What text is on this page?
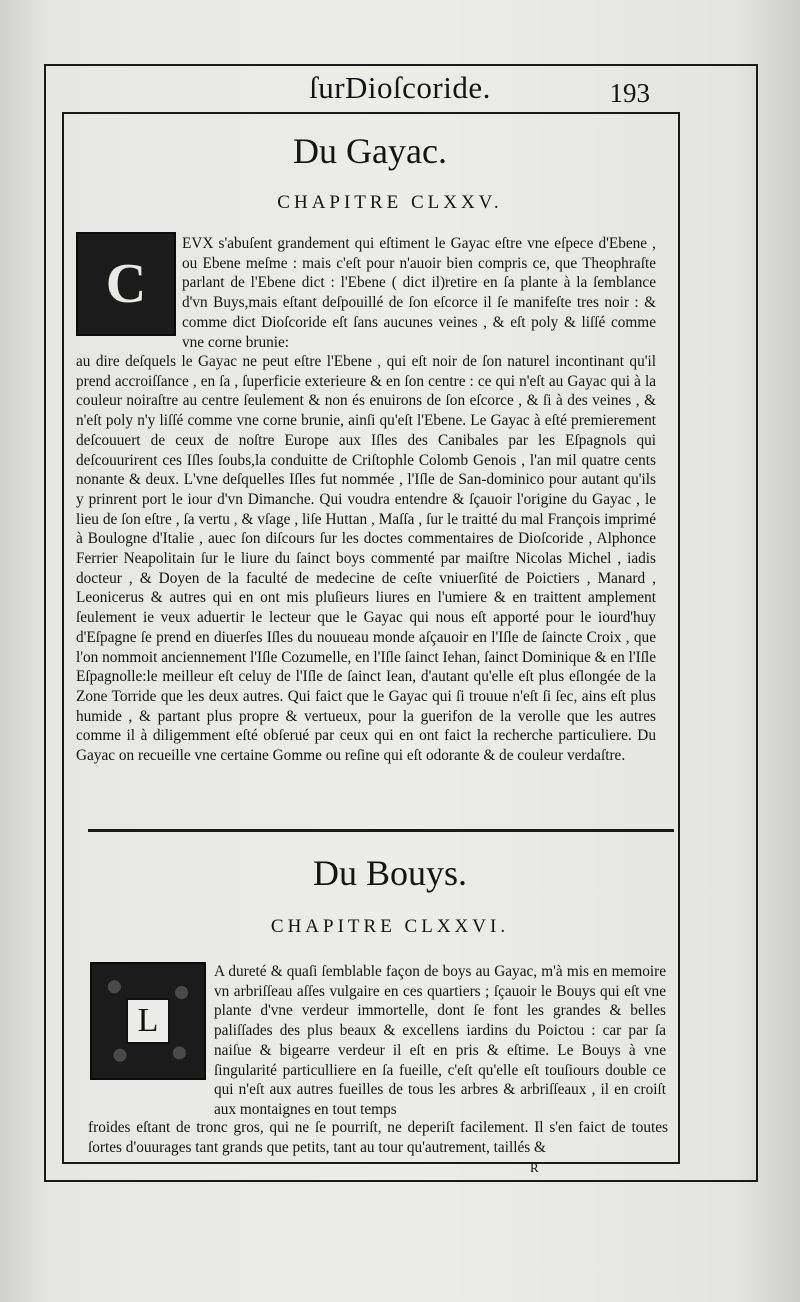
ſurDioſcoride.	193
Du Gayac.
CHAPITRE CLXXV.
C
EVX s'abuſent grandement qui eſtiment le Gayac eſtre vne eſpece d'Ebene , ou Ebene meſme : mais c'eſt pour n'auoir bien compris ce, que Theophraſte parlant de l'Ebene dict : l'Ebene ( dict il)retire en ſa plante à la ſemblance d'vn Buys,mais eſtant deſpouillé de ſon eſcorce il ſe manifeſte tres noir : & comme dict Dioſcoride eſt ſans aucunes veines , & eſt poly & liſſé comme vne corne brunie:
au dire deſquels le Gayac ne peut eſtre l'Ebene , qui eſt noir de ſon naturel incontinant qu'il prend accroiſſance , en ſa , ſuperficie exterieure & en ſon centre : ce qui n'eſt au Gayac qui à la couleur noiraſtre au centre ſeulement & non és enuirons de ſon eſcorce , & ſi à des veines , & n'eſt poly n'y liſſé comme vne corne brunie, ainſi qu'eſt l'Ebene. Le Gayac à eſté premierement deſcouuert de ceux de noſtre Europe aux Iſles des Canibales par les Eſpagnols qui deſcouurirent ces Iſles ſoubs,la conduitte de Criſtophle Colomb Genois , l'an mil quatre cents nonante & deux. L'vne deſquelles Iſles fut nommée , l'Iſle de San-dominico pour autant qu'ils y prinrent port le iour d'vn Dimanche. Qui voudra entendre & ſçauoir l'origine du Gayac , le lieu de ſon eſtre , ſa vertu , & vſage , liſe Huttan , Maſſa , ſur le traitté du mal François imprimé à Boulogne d'Italie , auec ſon diſcours ſur les doctes commentaires de Dioſcoride , Alphonce Ferrier Neapolitain ſur le liure du ſainct boys commenté par maiſtre Nicolas Michel , iadis docteur , & Doyen de la faculté de medecine de ceſte vniuerſité de Poictiers , Manard , Leonicerus & autres qui en ont mis pluſieurs liures en l'umiere & en traittent amplement ſeulement ie veux aduertir le lecteur que le Gayac qui nous eſt apporté pour le iourd'huy d'Eſpagne ſe prend en diuerſes Iſles du nouueau monde aſçauoir en l'Iſle de ſaincte Croix , que l'on nommoit anciennement l'Iſle Cozumelle, en l'Iſle ſainct Iehan, ſainct Dominique & en l'Iſle Eſpagnolle:le meilleur eſt celuy de l'Iſle de ſainct Iean, d'autant qu'elle eſt plus eſlongée de la Zone Torride que les deux autres. Qui faict que le Gayac qui ſi trouue n'eſt ſi ſec, ains eſt plus humide , & partant plus propre & vertueux, pour la guerifon de la verolle que les autres comme il à diligemment eſté obſerué par ceux qui en ont faict la recherche particuliere. Du Gayac on recueille vne certaine Gomme ou reſine qui eſt odorante & de couleur verdaſtre.
Du Bouys.
CHAPITRE CLXXVI.
L
A dureté & quaſi ſemblable façon de boys au Gayac, m'à mis en memoire vn arbriſſeau aſſes vulgaire en ces quartiers ; ſçauoir le Bouys qui eſt vne plante d'vne verdeur immortelle, dont ſe font les grandes & belles paliſſades des plus beaux & excellens iardins du Poictou : car par ſa naiſue & bigearre verdeur il eſt en pris & eſtime. Le Bouys à vne ſingularité particulliere en ſa fueille, c'eſt qu'elle eſt touſiours double ce qui n'eſt aux autres fueilles de tous les arbres & arbriſſeaux , il en croiſt aux montaignes en tout temps
froides eſtant de tronc gros, qui ne ſe pourriſt, ne deperiſt facilement. Il s'en faict de toutes ſortes d'ouurages tant grands que petits, tant au tour qu'autrement, taillés &
R
